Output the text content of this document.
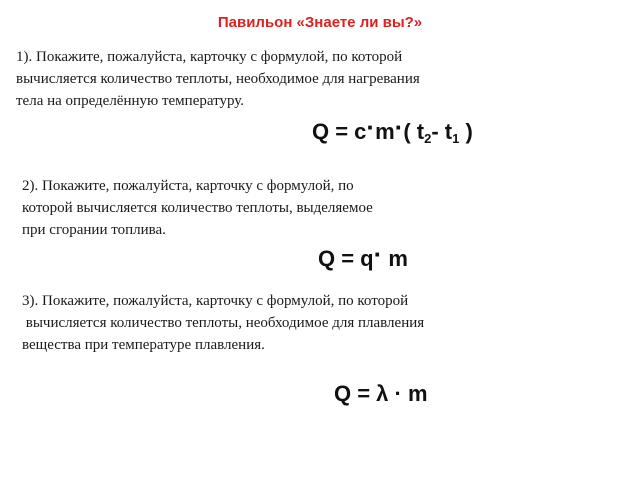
Павильон «Знаете ли вы?»
1). Покажите, пожалуйста, карточку с формулой, по которой
вычисляется количество теплоты, необходимое для нагревания
тела на определённую температуру.
Q = c·m·( $t_2-$ $t_1$ )
2). Покажите, пожалуйста, карточку с формулой, по
которой вычисляется количество теплоты, выделяемое
при сгорании топлива.
Q = q· m
3). Покажите, пожалуйста, карточку с формулой, по которой
вычисляется количество теплоты, необходимое для плавления
вещества при температуре плавления.
Q = λ · m
